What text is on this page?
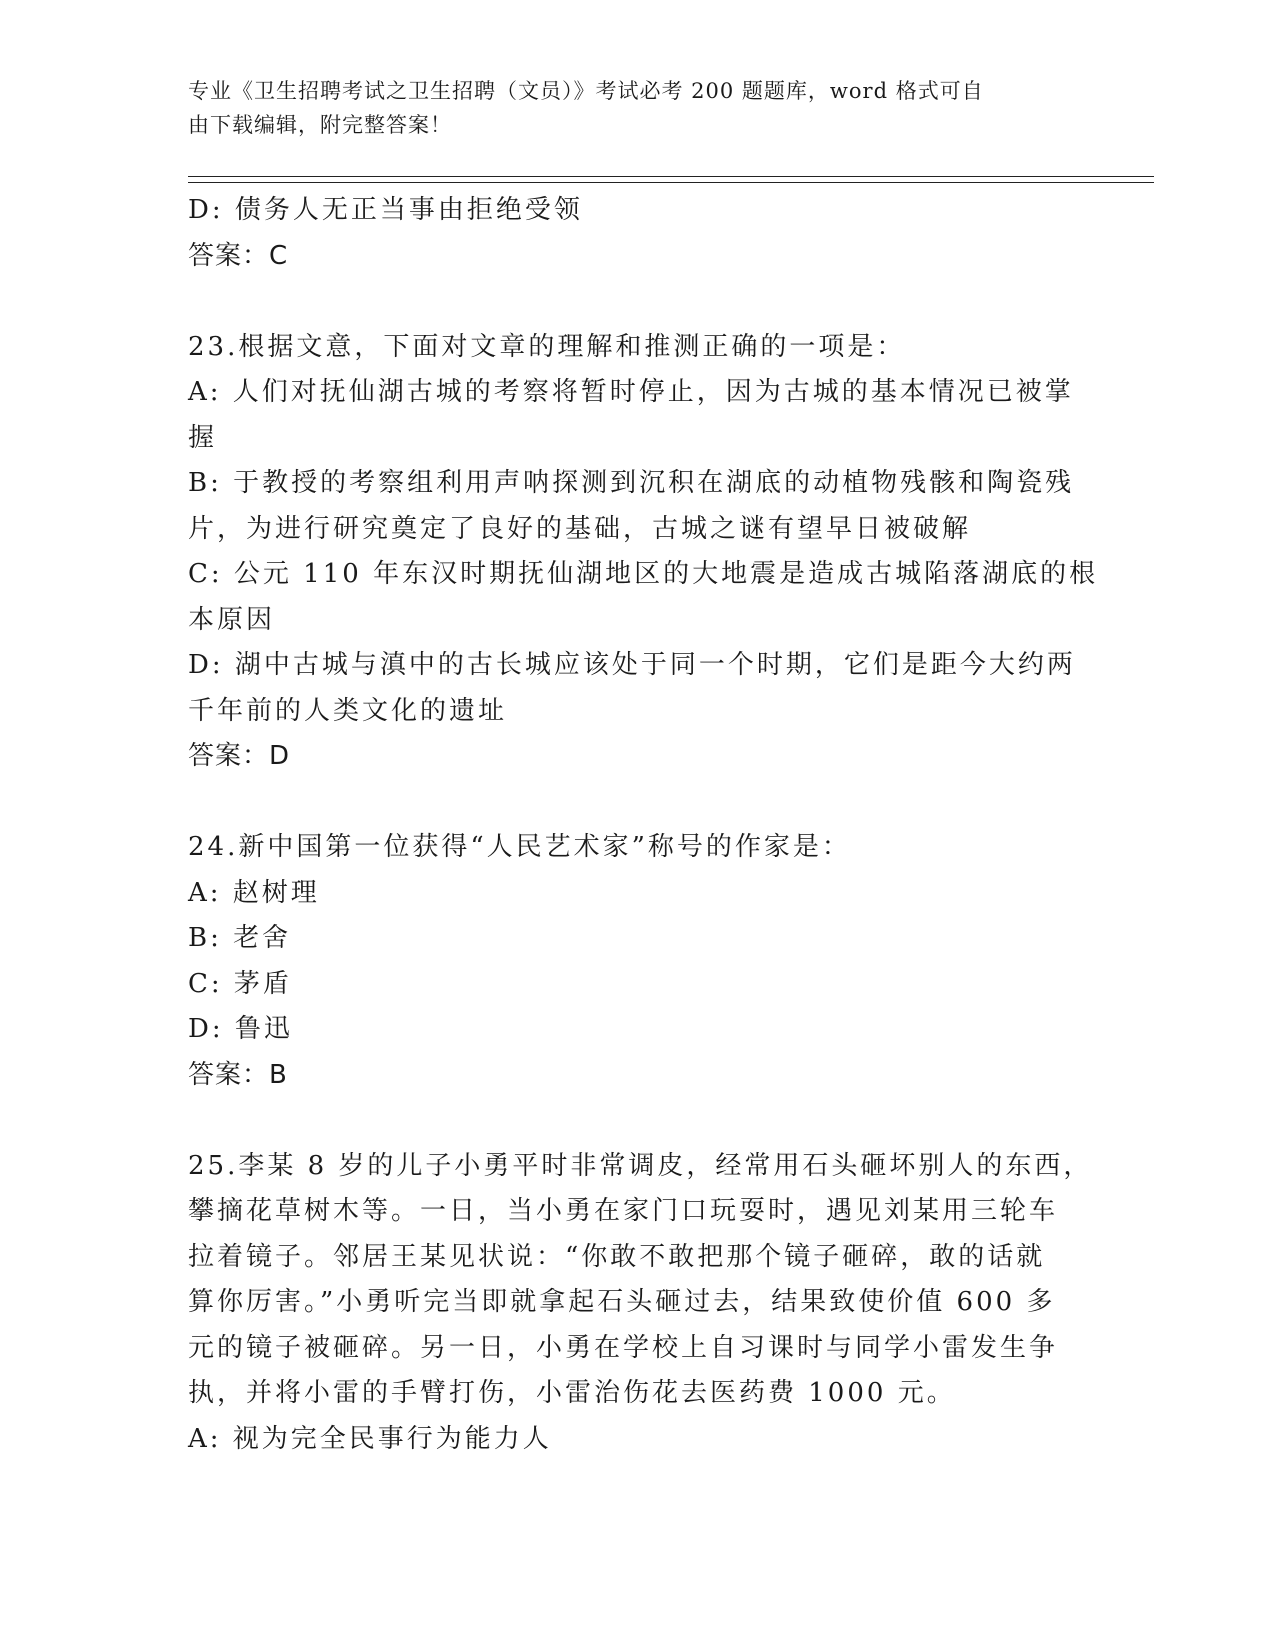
专业《卫生招聘考试之卫生招聘（文员）》考试必考 200 题题库，word 格式可自
由下载编辑，附完整答案！
D: 债务人无正当事由拒绝受领
答案：C
23.根据文意，下面对文章的理解和推测正确的一项是：
A: 人们对抚仙湖古城的考察将暂时停止，因为古城的基本情况已被掌
握
B: 于教授的考察组利用声呐探测到沉积在湖底的动植物残骸和陶瓷残
片，为进行研究奠定了良好的基础，古城之谜有望早日被破解
C: 公元 110 年东汉时期抚仙湖地区的大地震是造成古城陷落湖底的根
本原因
D: 湖中古城与滇中的古长城应该处于同一个时期，它们是距今大约两
千年前的人类文化的遗址
答案：D
24.新中国第一位获得“人民艺术家”称号的作家是：
A: 赵树理
B: 老舍
C: 茅盾
D: 鲁迅
答案：B
25.李某 8 岁的儿子小勇平时非常调皮，经常用石头砸坏别人的东西，
攀摘花草树木等。一日，当小勇在家门口玩耍时，遇见刘某用三轮车
拉着镜子。邻居王某见状说：“你敢不敢把那个镜子砸碎，敢的话就
算你厉害。”小勇听完当即就拿起石头砸过去，结果致使价值 600 多
元的镜子被砸碎。另一日，小勇在学校上自习课时与同学小雷发生争
执，并将小雷的手臂打伤，小雷治伤花去医药费 1000 元。
A: 视为完全民事行为能力人
